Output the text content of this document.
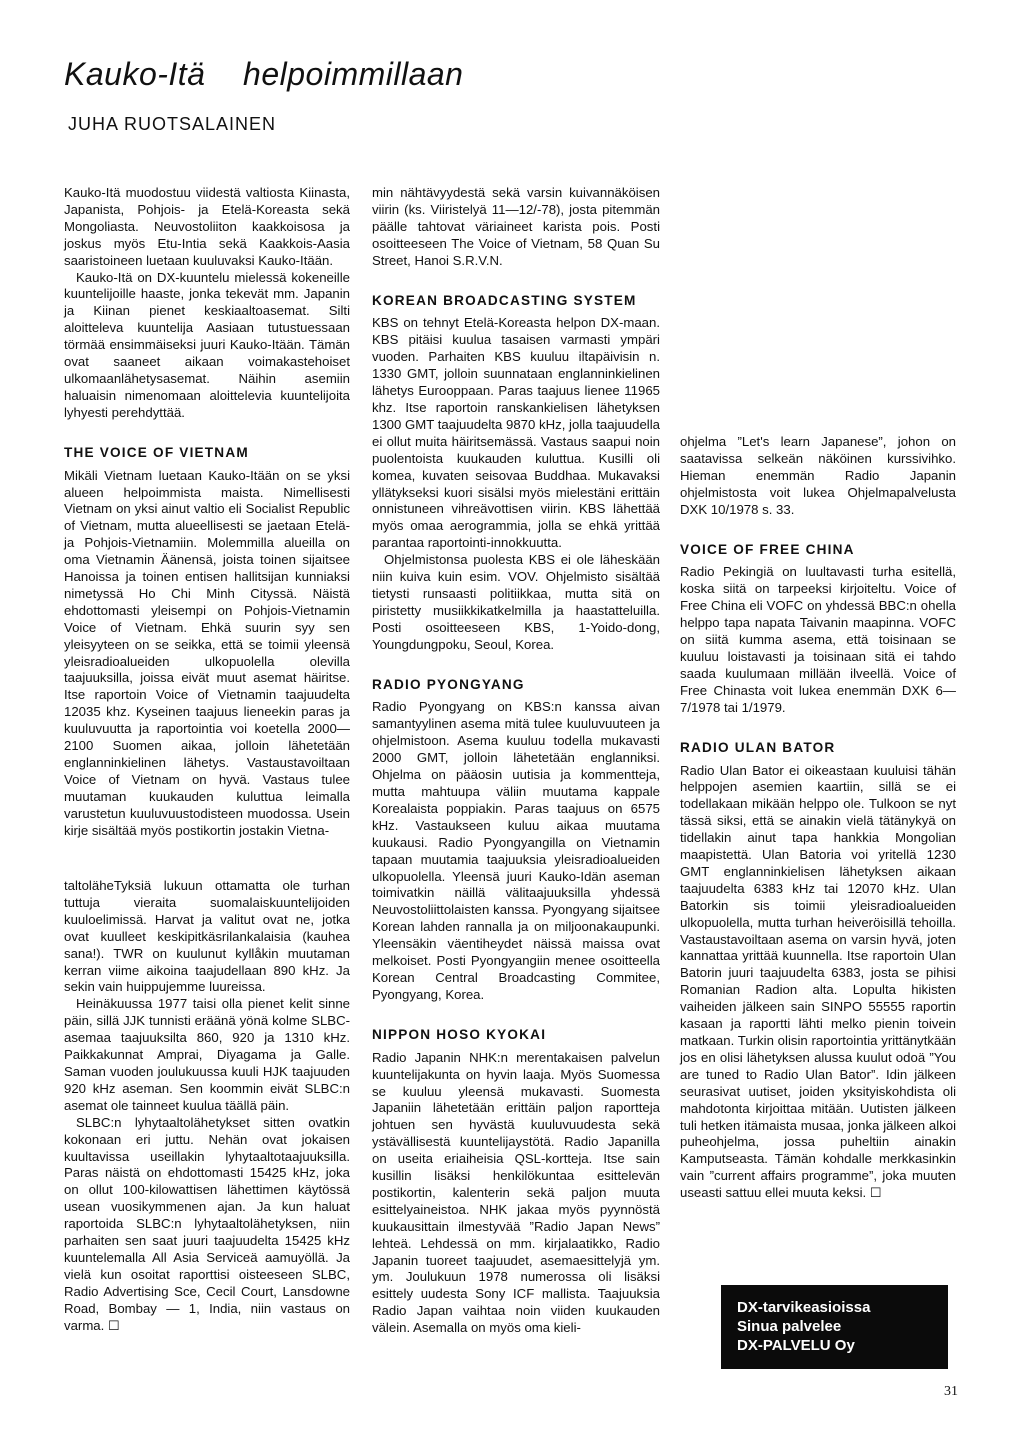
Kauko-Itä    helpoimmillaan
JUHA RUOTSALAINEN

Kauko-Itä muodostuu viidestä valtiosta Kiinasta, Japanista, Pohjois- ja Etelä-Koreasta sekä Mongoliasta. Neuvostoliiton kaakkoisosa ja joskus myös Etu-Intia sekä Kaakkois-Aasia saaristoineen luetaan kuuluvaksi Kauko-Itään.

Kauko-Itä on DX-kuuntelu mielessä kokeneille kuuntelijoille haaste, jonka tekevät mm. Japanin ja Kiinan pienet keskiaaltoasemat. Silti aloitteleva kuuntelija Aasiaan tutustuessaan törmää ensimmäiseksi juuri Kauko-Itään. Tämän ovat saaneet aikaan voimakastehoiset ulkomaanlähetysasemat. Näihin asemiin haluaisin nimenomaan aloittelevia kuuntelijoita lyhyesti perehdyttää.

THE VOICE OF VIETNAM

Mikäli Vietnam luetaan Kauko-Itään on se yksi alueen helpoimmista maista. Nimellisesti Vietnam on yksi ainut valtio eli Socialist Republic of Vietnam, mutta alueellisesti se jaetaan Etelä- ja Pohjois-Vietnamiin. Molemmilla alueilla on oma Vietnamin Äänensä, joista toinen sijaitsee Hanoissa ja toinen entisen hallitsijan kunniaksi nimetyssä Ho Chi Minh Cityssä. Näistä ehdottomasti yleisempi on Pohjois-Vietnamin Voice of Vietnam. Ehkä suurin syy sen yleisyyteen on se seikka, että se toimii yleensä yleisradioalueiden ulkopuolella olevilla taajuuksilla, joissa eivät muut asemat häiritse. Itse raportoin Voice of Vietnamin taajuudelta 12035 khz. Kyseinen taajuus lieneekin paras ja kuuluvuutta ja raportointia voi koetella 2000—2100 Suomen aikaa, jolloin lähetetään englanninkielinen lähetys. Vastaustavoiltaan Voice of Vietnam on hyvä. Vastaus tulee muutaman kuukauden kuluttua leimalla varustetun kuuluvuustodisteen muodossa. Usein kirje sisältää myös postikortin jostakin Vietna-

taltoläheTyksiä lukuun ottamatta ole turhan tuttuja vieraita suomalaiskuuntelijoiden kuuloelimissä. Harvat ja valitut ovat ne, jotka ovat kuulleet keskipitkäsrilankalaisia (kauhea sana!). TWR on kuulunut kyllåkin muutaman kerran viime aikoina taajudellaan 890 kHz. Ja sekin vain huippujemme luureissa.

Heinäkuussa 1977 taisi olla pienet kelit sinne päin, sillä JJK tunnisti eräänä yönä kolme SLBC-asemaa taajuuksilta 860, 920 ja 1310 kHz. Paikkakunnat Amprai, Diyagama ja Galle. Saman vuoden joulukuussa kuuli HJK taajuuden 920 kHz aseman. Sen koommin eivät SLBC:n asemat ole tainneet kuulua täällä päin.

SLBC:n lyhytaaltolähetykset sitten ovatkin kokonaan eri juttu. Nehän ovat jokaisen kuultavissa useillakin lyhytaaltotaajuuksilla. Paras näistä on ehdottomasti 15425 kHz, joka on ollut 100-kilowattisen lähettimen käytössä usean vuosikymmenen ajan. Ja kun haluat raportoida SLBC:n lyhytaaltolähetyksen, niin parhaiten sen saat juuri taajuudelta 15425 kHz kuuntelemalla All Asia Serviceä aamuyöllä. Ja vielä kun osoitat raporttisi oisteeseen SLBC, Radio Advertising Sce, Cecil Court, Lansdowne Road, Bombay — 1, India, niin vastaus on varma. ☐

min nähtävyydestä sekä varsin kuivannäköisen viirin (ks. Viiristelyä 11—12/-78), josta pitemmän päälle tahtovat väriaineet karista pois. Posti osoitteeseen The Voice of Vietnam, 58 Quan Su Street, Hanoi S.R.V.N.

KOREAN BROADCASTING SYSTEM

KBS on tehnyt Etelä-Koreasta helpon DX-maan. KBS pitäisi kuulua tasaisen varmasti ympäri vuoden. Parhaiten KBS kuuluu iltapäivisin n. 1330 GMT, jolloin suunnataan englanninkielinen lähetys Eurooppaan. Paras taajuus lienee 11965 khz. Itse raportoin ranskankielisen lähetyksen 1300 GMT taajuudelta 9870 kHz, jolla taajuudella ei ollut muita häiritsemässä. Vastaus saapui noin puolentoista kuukauden kuluttua. Kusilli oli komea, kuvaten seisovaa Buddhaa. Mukavaksi yllätykseksi kuori sisälsi myös mielestäni erittäin onnistuneen vihreävottisen viirin. KBS lähettää myös omaa aerogrammia, jolla se ehkä yrittää parantaa raportointi-innokkuutta.

Ohjelmistonsa puolesta KBS ei ole läheskään niin kuiva kuin esim. VOV. Ohjelmisto sisältää tietysti runsaasti politiikkaa, mutta sitä on piristetty musiikkikatkelmilla ja haastatteluilla. Posti osoitteeseen KBS, 1-Yoido-dong, Youngdungpoku, Seoul, Korea.

RADIO PYONGYANG

Radio Pyongyang on KBS:n kanssa aivan samantyylinen asema mitä tulee kuuluvuuteen ja ohjelmistoon. Asema kuuluu todella mukavasti 2000 GMT, jolloin lähetetään englanniksi. Ohjelma on pääosin uutisia ja kommentteja, mutta mahtuupa väliin muutama kappale Korealaista poppiakin. Paras taajuus on 6575 kHz. Vastaukseen kuluu aikaa muutama kuukausi. Radio Pyongyangilla on Vietnamin tapaan muutamia taajuuksia yleisradioalueiden ulkopuolella. Yleensä juuri Kauko-Idän aseman toimivatkin näillä välitaajuuksilla yhdessä Neuvostoliittolaisten kanssa. Pyongyang sijaitsee Korean lahden rannalla ja on miljoonakaupunki. Yleensäkin väentiheydet näissä maissa ovat melkoiset. Posti Pyongyangiin menee osoitteella Korean Central Broadcasting Commitee, Pyongyang, Korea.

NIPPON HOSO KYOKAI

Radio Japanin NHK:n merentakaisen palvelun kuuntelijakunta on hyvin laaja. Myös Suomessa se kuuluu yleensä mukavasti. Suomesta Japaniin lähetetään erittäin paljon raportteja johtuen sen hyvästä kuuluvuudesta sekä ystävällisestä kuuntelijaystötä. Radio Japanilla on useita eriaiheisia QSL-kortteja. Itse sain kusillin lisäksi henkilökuntaa esittelevän postikortin, kalenterin sekä paljon muuta esittelyaineistoa. NHK jakaa myös pyynnöstä kuukausittain ilmestyvää ”Radio Japan News” lehteä. Lehdessä on mm. kirjalaatikko, Radio Japanin tuoreet taajuudet, asemaesittelyjä ym. ym. Joulukuun 1978 numerossa oli lisäksi esittely uudesta Sony ICF mallista. Taajuuksia Radio Japan vaihtaa noin viiden kuukauden välein. Asemalla on myös oma kieli-

ohjelma ”Let's learn Japanese”, johon on saatavissa selkeän näköinen kurssivihko. Hieman enemmän Radio Japanin ohjelmistosta voit lukea Ohjelmapalvelusta DXK 10/1978 s. 33.

VOICE OF FREE CHINA

Radio Pekingiä on luultavasti turha esitellä, koska siitä on tarpeeksi kirjoiteltu. Voice of Free China eli VOFC on yhdessä BBC:n ohella helppo tapa napata Taivanin maapinna. VOFC on siitä kumma asema, että toisinaan se kuuluu loistavasti ja toisinaan sitä ei tahdo saada kuulumaan millään ilveellä. Voice of Free Chinasta voit lukea enemmän DXK 6—7/1978 tai 1/1979.

RADIO ULAN BATOR

Radio Ulan Bator ei oikeastaan kuuluisi tähän helppojen asemien kaartiin, sillä se ei todellakaan mikään helppo ole. Tulkoon se nyt tässä siksi, että se ainakin vielä tätänykyä on tidellakin ainut tapa hankkia Mongolian maapistettä. Ulan Batoria voi yritellä 1230 GMT englanninkielisen lähetyksen aikaan taajuudelta 6383 kHz tai 12070 kHz. Ulan Batorkin sis toimii yleisradioalueiden ulkopuolella, mutta turhan heiveröisillä tehoilla. Vastaustavoiltaan asema on varsin hyvä, joten kannattaa yrittää kuunnella. Itse raportoin Ulan Batorin juuri taajuudelta 6383, josta se pihisi Romanian Radion alta. Lopulta hikisten vaiheiden jälkeen sain SINPO 55555 raportin kasaan ja raportti lähti melko pienin toivein matkaan. Turkin olisin raportointia yrittänytkään jos en olisi lähetyksen alussa kuulut odoä ”You are tuned to Radio Ulan Bator”. Idin jälkeen seurasivat uutiset, joiden yksityiskohdista oli mahdotonta kirjoittaa mitään. Uutisten jälkeen tuli hetken itämaista musaa, jonka jälkeen alkoi puheohjelma, jossa puheltiin ainakin Kamputseasta. Tämän kohdalle merkkasinkin vain ”current affairs programme”, joka muuten useasti sattuu ellei muuta keksi. ☐

DX-tarvikeasioissa
Sinua palvelee
DX-PALVELU Oy
31
